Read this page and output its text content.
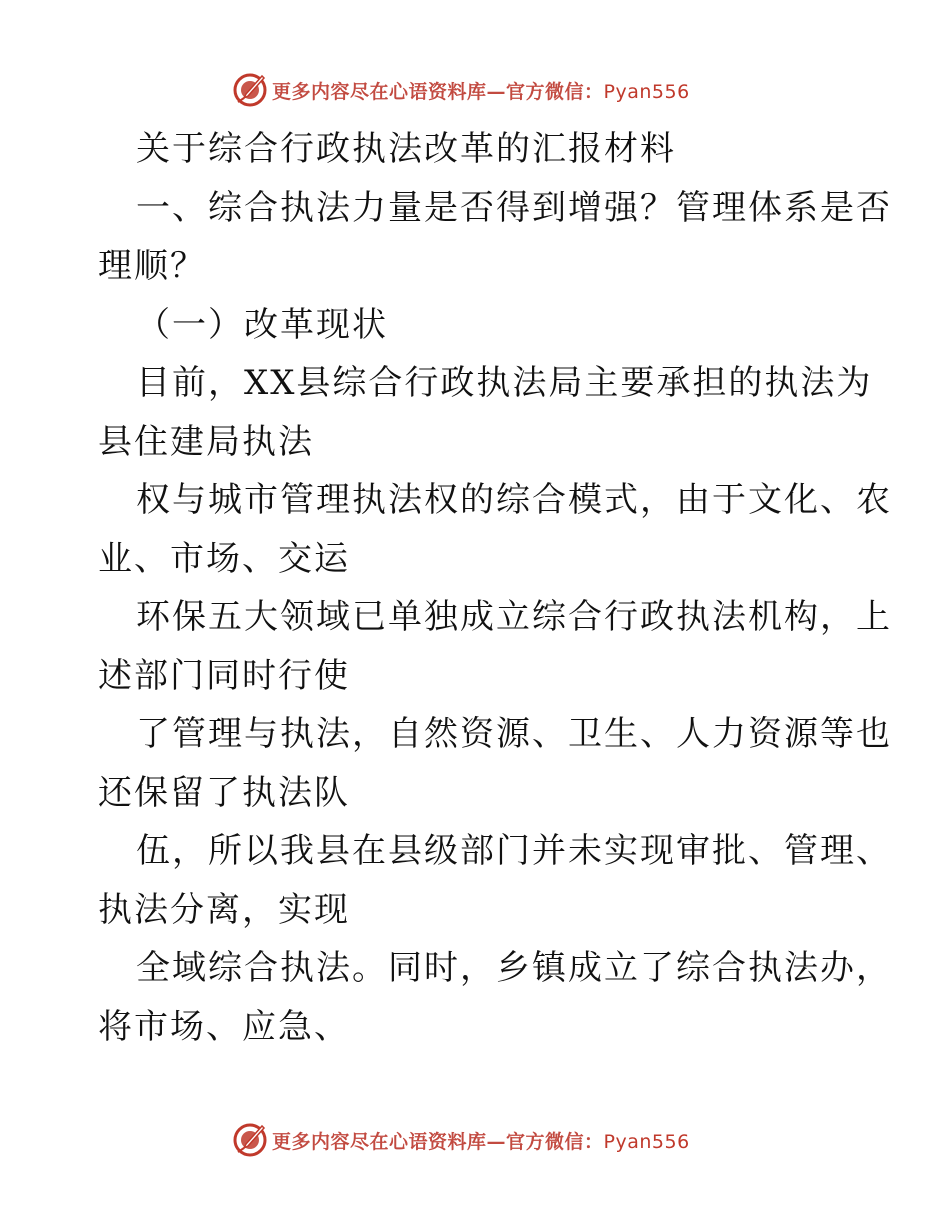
更多内容尽在心语资料库—官方微信：Pyan556
关于综合行政执法改革的汇报材料
一、综合执法力量是否得到增强？管理体系是否
理顺？
（一）改革现状
目前，XX县综合行政执法局主要承担的执法为
县住建局执法
权与城市管理执法权的综合模式，由于文化、农
业、市场、交运
环保五大领域已单独成立综合行政执法机构，上
述部门同时行使
了管理与执法，自然资源、卫生、人力资源等也
还保留了执法队
伍，所以我县在县级部门并未实现审批、管理、
执法分离，实现
全域综合执法。同时，乡镇成立了综合执法办，
将市场、应急、
更多内容尽在心语资料库—官方微信：Pyan556
